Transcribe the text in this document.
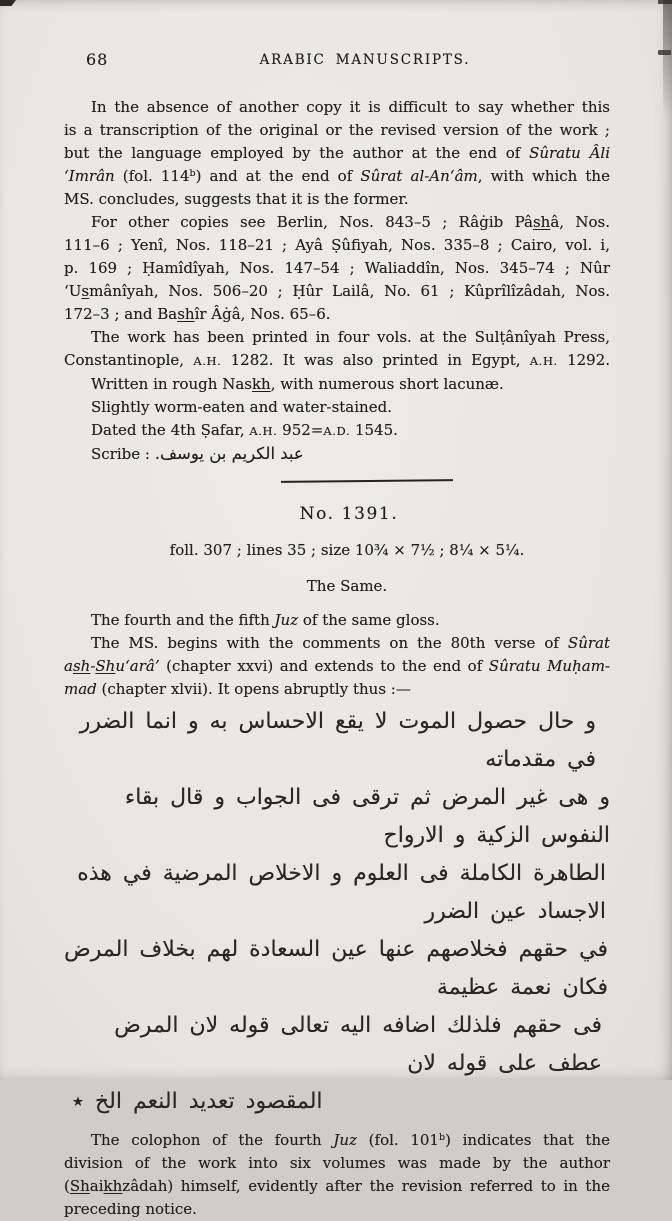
68	ARABIC MANUSCRIPTS.
In the absence of another copy it is difficult to say whether this
is a transcription of the original or the revised version of the work ;
but the language employed by the author at the end of Sûratu Âli
‘Imrân (fol. 114$^b$) and at the end of Sûrat al-An‘âm, with which the
MS. concludes, suggests that it is the former.
For other copies see Berlin, Nos. 843–5 ; Râġib Pâshâ, Nos.
111–6 ; Yenî, Nos. 118–21 ; Ayâ Ṣûfiyah, Nos. 335–8 ; Cairo, vol. i,
p. 169 ; Ḥamîdîyah, Nos. 147–54 ; Waliaddîn, Nos. 345–74 ; Nûr
‘Usmânîyah, Nos. 506–20 ; Ḥûr Lailâ, No. 61 ; Kûprîlîzâdah, Nos.
172–3 ; and Bashîr Âġâ, Nos. 65–6.
The work has been printed in four vols. at the Sulṭânîyah Press,
Constantinople, A.H. 1282. It was also printed in Egypt, A.H. 1292.
Written in rough Naskh, with numerous short lacunæ.
Slightly worm-eaten and water-stained.
Dated the 4th Ṣafar, A.H. 952=A.D. 1545.
Scribe : عبد الكريم بن يوسف.
No. 1391.
foll. 307 ; lines 35 ; size 10¾ × 7½ ; 8¼ × 5¼.
The Same.
The fourth and the fifth Juz of the same gloss.
The MS. begins with the comments on the 80th verse of Sûrat
ash-Shu‘arâ’ (chapter xxvi) and extends to the end of Sûratu Muḥam-
mad (chapter xlvii). It opens abruptly thus :—
و حال حصول الموت لا يقع الاحساس به و انما الضرر في مقدماته
و هى غير المرض ثم ترقى فى الجواب و قال بقاء النفوس الزكية و الارواح
الطاهرة الكاملة فى العلوم و الاخلاص المرضية في هذه الاجساد عين الضرر
في حقهم فخلاصهم عنها عين السعادة لهم بخلاف المرض فكان نعمة عظيمة
فى حقهم فلذلك اضافه اليه تعالى قوله لان المرض عطف على قوله لان
المقصود تعديد النعم الخ ٭
The colophon of the fourth Juz (fol. 101$^b$) indicates that the
division of the work into six volumes was made by the author
(Shaikhzâdah) himself, evidently after the revision referred to in the
preceding notice.
